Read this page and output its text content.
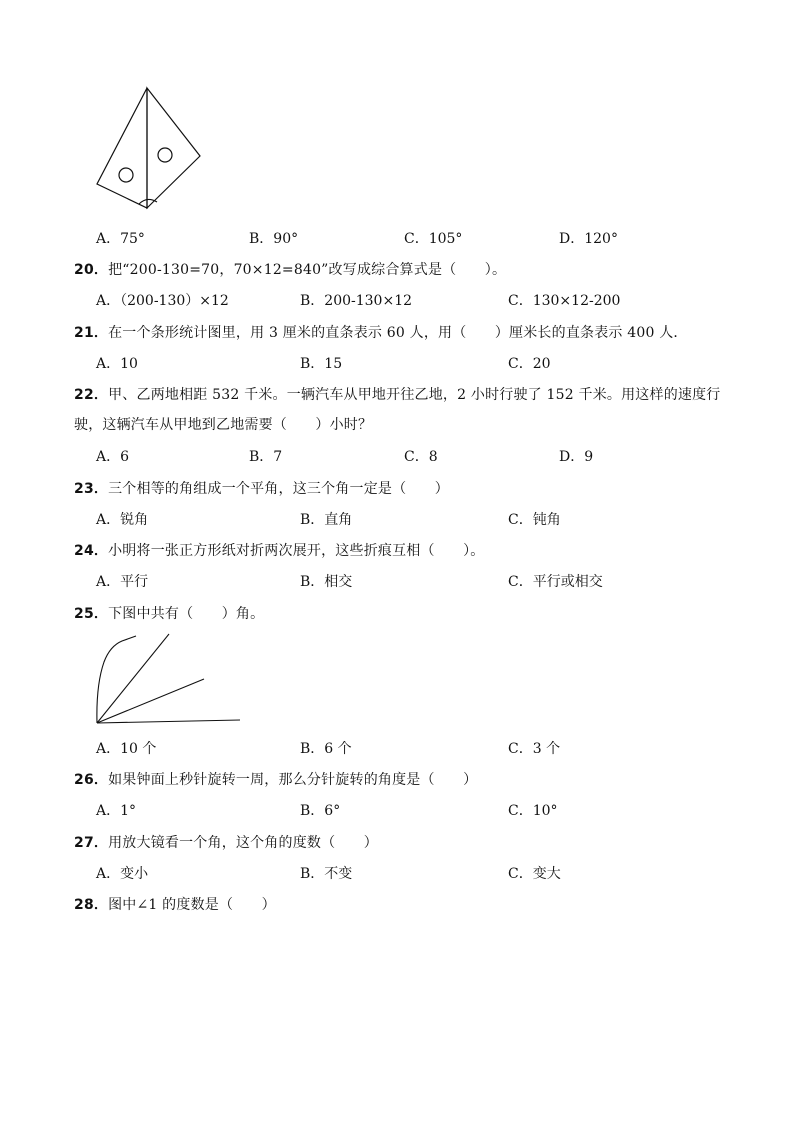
A．75°	B．90°	C．105°	D．120°
20．把“200-130=70，70×12=840”改写成综合算式是（　　）。
A．（200-130）×12	B．200-130×12	C．130×12-200
21．在一个条形统计图里，用 3 厘米的直条表示 60 人，用（　　）厘米长的直条表示 400 人．
A．10	B．15	C．20
22．甲、乙两地相距 532 千米。一辆汽车从甲地开往乙地，2 小时行驶了 152 千米。用这样的速度行
驶，这辆汽车从甲地到乙地需要（　　）小时？
A．6	B．7	C．8	D．9
23．三个相等的角组成一个平角，这三个角一定是（　　）
A．锐角	B．直角	C．钝角
24．小明将一张正方形纸对折两次展开，这些折痕互相（　　）。
A．平行	B．相交	C．平行或相交
25．下图中共有（　　）角。
A．10 个	B．6 个	C．3 个
26．如果钟面上秒针旋转一周，那么分针旋转的角度是（　　）
A．1°	B．6°	C．10°
27．用放大镜看一个角，这个角的度数（　　）
A．变小	B．不变	C．变大
28．图中∠1 的度数是（　　）
